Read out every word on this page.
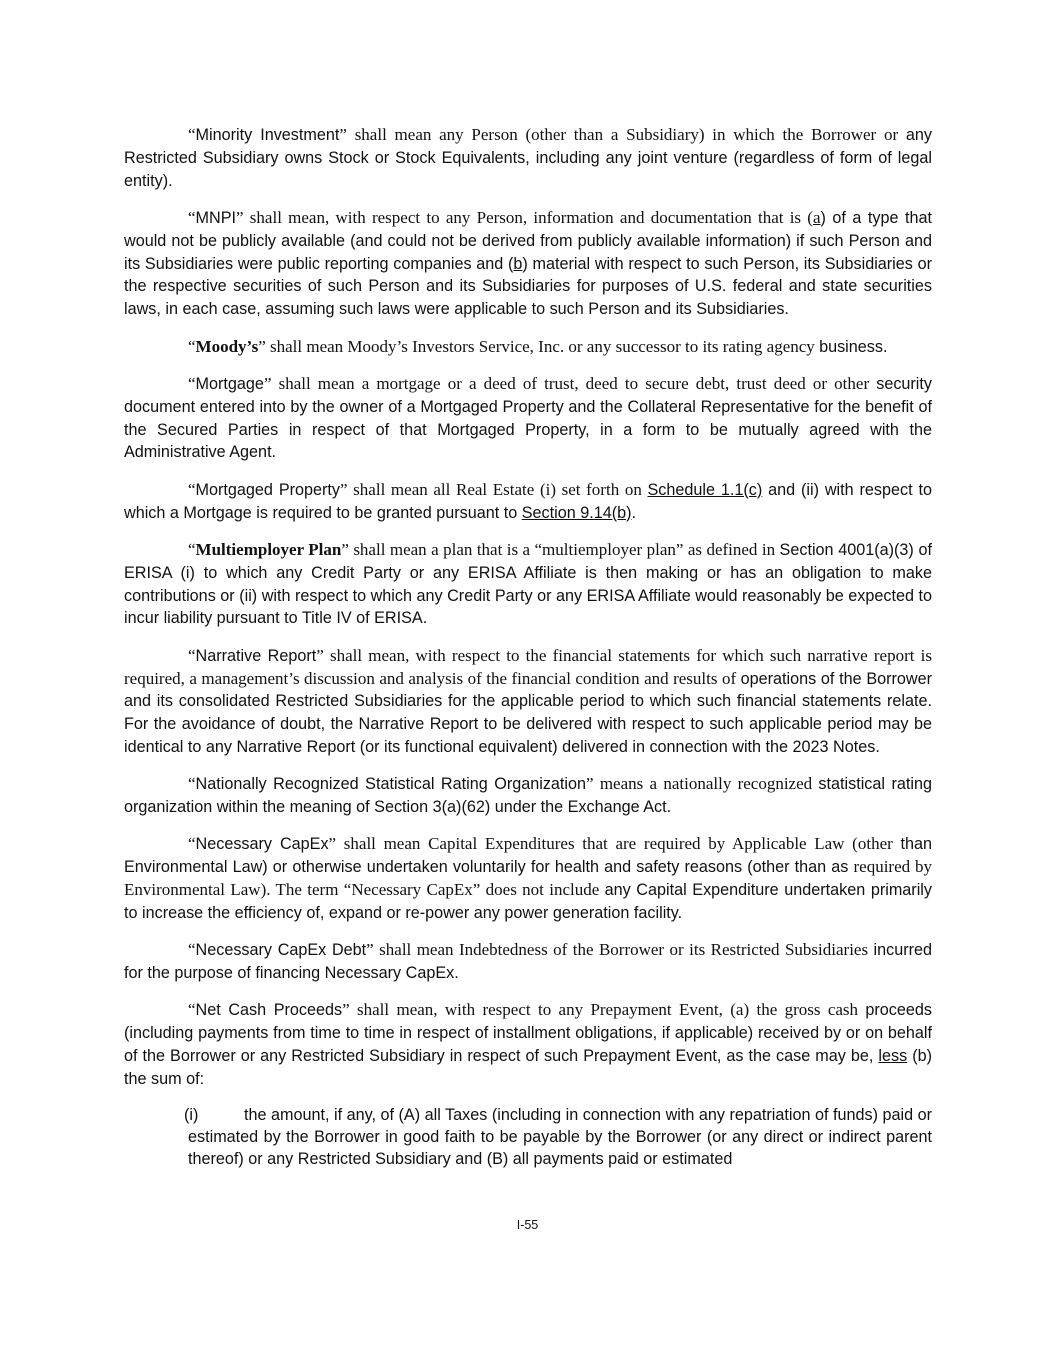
“Minority Investment” shall mean any Person (other than a Subsidiary) in which the Borrower or any Restricted Subsidiary owns Stock or Stock Equivalents, including any joint venture (regardless of form of legal entity).

“MNPI” shall mean, with respect to any Person, information and documentation that is (a) of a type that would not be publicly available (and could not be derived from publicly available information) if such Person and its Subsidiaries were public reporting companies and (b) material with respect to such Person, its Subsidiaries or the respective securities of such Person and its Subsidiaries for purposes of U.S. federal and state securities laws, in each case, assuming such laws were applicable to such Person and its Subsidiaries.

“Moody’s” shall mean Moody’s Investors Service, Inc. or any successor to its rating agency business.

“Mortgage” shall mean a mortgage or a deed of trust, deed to secure debt, trust deed or other security document entered into by the owner of a Mortgaged Property and the Collateral Representative for the benefit of the Secured Parties in respect of that Mortgaged Property, in a form to be mutually agreed with the Administrative Agent.

“Mortgaged Property” shall mean all Real Estate (i) set forth on Schedule 1.1(c) and (ii) with respect to which a Mortgage is required to be granted pursuant to Section 9.14(b).

“Multiemployer Plan” shall mean a plan that is a “multiemployer plan” as defined in Section 4001(a)(3) of ERISA (i) to which any Credit Party or any ERISA Affiliate is then making or has an obligation to make contributions or (ii) with respect to which any Credit Party or any ERISA Affiliate would reasonably be expected to incur liability pursuant to Title IV of ERISA.

“Narrative Report” shall mean, with respect to the financial statements for which such narrative report is required, a management’s discussion and analysis of the financial condition and results of operations of the Borrower and its consolidated Restricted Subsidiaries for the applicable period to which such financial statements relate. For the avoidance of doubt, the Narrative Report to be delivered with respect to such applicable period may be identical to any Narrative Report (or its functional equivalent) delivered in connection with the 2023 Notes.

“Nationally Recognized Statistical Rating Organization” means a nationally recognized statistical rating organization within the meaning of Section 3(a)(62) under the Exchange Act.

“Necessary CapEx” shall mean Capital Expenditures that are required by Applicable Law (other than Environmental Law) or otherwise undertaken voluntarily for health and safety reasons (other than as required by Environmental Law). The term “Necessary CapEx” does not include any Capital Expenditure undertaken primarily to increase the efficiency of, expand or re-power any power generation facility.

“Necessary CapEx Debt” shall mean Indebtedness of the Borrower or its Restricted Subsidiaries incurred for the purpose of financing Necessary CapEx.

“Net Cash Proceeds” shall mean, with respect to any Prepayment Event, (a) the gross cash proceeds (including payments from time to time in respect of installment obligations, if applicable) received by or on behalf of the Borrower or any Restricted Subsidiary in respect of such Prepayment Event, as the case may be, less (b) the sum of:

(i)	the amount, if any, of (A) all Taxes (including in connection with any repatriation of funds) paid or estimated by the Borrower in good faith to be payable by the Borrower (or any direct or indirect parent thereof) or any Restricted Subsidiary and (B) all payments paid or estimated

I-55
